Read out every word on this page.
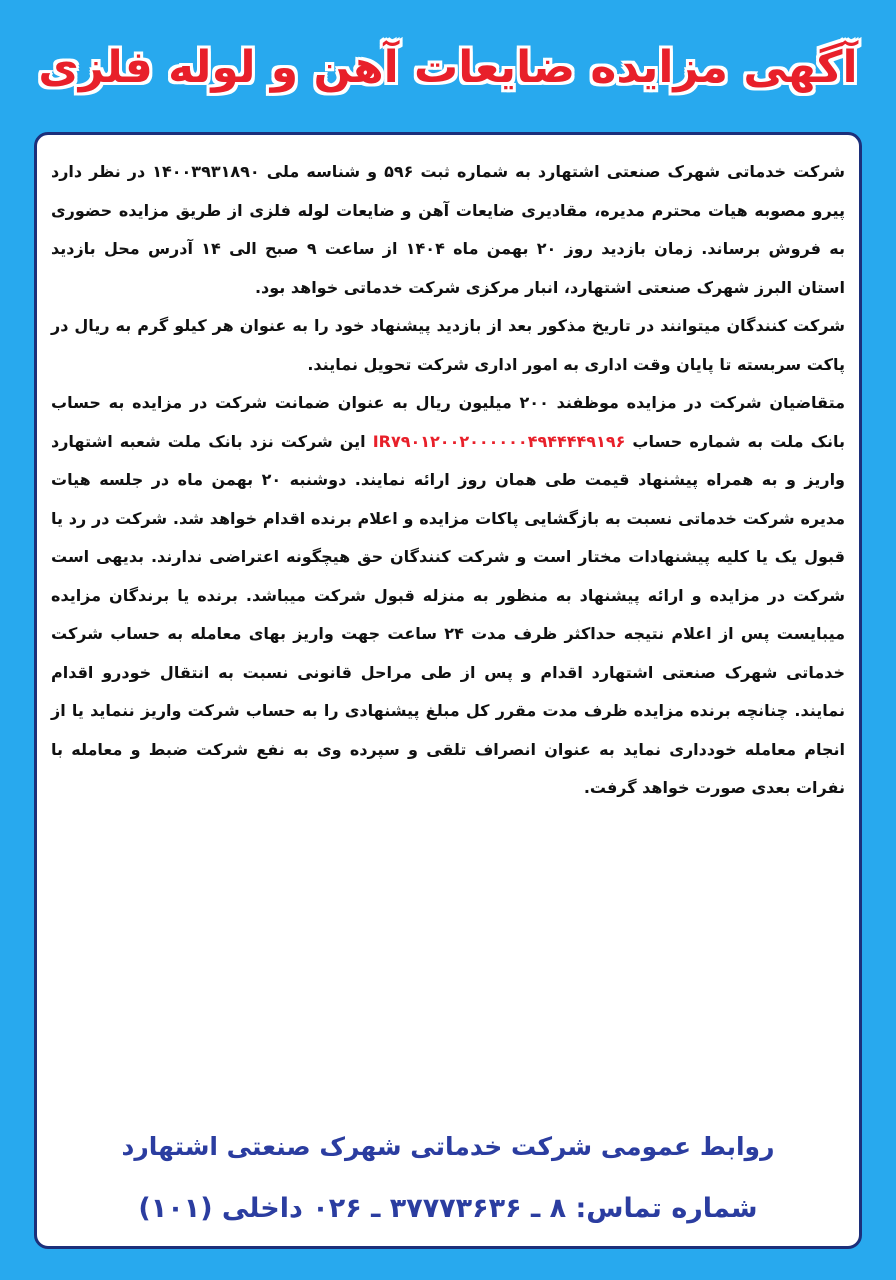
آگهی مزایده ضایعات آهن و لوله فلزی

شرکت خدماتی شهرک صنعتی اشتهارد به شماره ثبت ۵۹۶ و شناسه ملی ۱۴۰۰۳۹۳۱۸۹۰ در نظر دارد پیرو مصوبه هیات محترم مدیره، مقادیری ضایعات آهن و ضایعات لوله فلزی از طریق مزایده حضوری به فروش برساند. زمان بازدید روز ۲۰ بهمن ماه ۱۴۰۴ از ساعت ۹ صبح الی ۱۴ آدرس محل بازدید استان البرز شهرک صنعتی اشتهارد، انبار مرکزی شرکت خدماتی خواهد بود.

شرکت کنندگان میتوانند در تاریخ مذکور بعد از بازدید پیشنهاد خود را به عنوان هر کیلو گرم به ریال در پاکت سربسته تا پایان وقت اداری به امور اداری شرکت تحویل نمایند.

متقاضیان شرکت در مزایده موظفند ۲۰۰ میلیون ریال به عنوان ضمانت شرکت در مزایده به حساب بانک ملت به شماره حساب IR۷۹۰۱۲۰۰۲۰۰۰۰۰۰۴۹۴۴۴۴۹۱۹۶ این شرکت نزد بانک ملت شعبه اشتهارد واریز و به همراه پیشنهاد قیمت طی همان روز ارائه نمایند. دوشنبه ۲۰ بهمن ماه در جلسه هیات مدیره شرکت خدماتی نسبت به بازگشایی پاکات مزایده و اعلام برنده اقدام خواهد شد. شرکت در رد یا قبول یک یا کلیه پیشنهادات مختار است و شرکت کنندگان حق هیچگونه اعتراضی ندارند. بدیهی است شرکت در مزایده و ارائه پیشنهاد به منظور به منزله قبول شرکت میباشد. برنده یا برندگان مزایده میبایست پس از اعلام نتیجه حداکثر ظرف مدت ۲۴ ساعت جهت واریز بهای معامله به حساب شرکت خدماتی شهرک صنعتی اشتهارد اقدام و پس از طی مراحل قانونی نسبت به انتقال خودرو اقدام نمایند. چنانچه برنده مزایده ظرف مدت مقرر کل مبلغ پیشنهادی را به حساب شرکت واریز ننماید یا از انجام معامله خودداری نماید به عنوان انصراف تلقی و سپرده وی به نفع شرکت ضبط و معامله با نفرات بعدی صورت خواهد گرفت.

روابط عمومی شرکت خدماتی شهرک صنعتی اشتهارد
شماره تماس: ۸ ـ ۳۷۷۷۳۶۳۶ ـ ۰۲۶ داخلی (۱۰۱)
